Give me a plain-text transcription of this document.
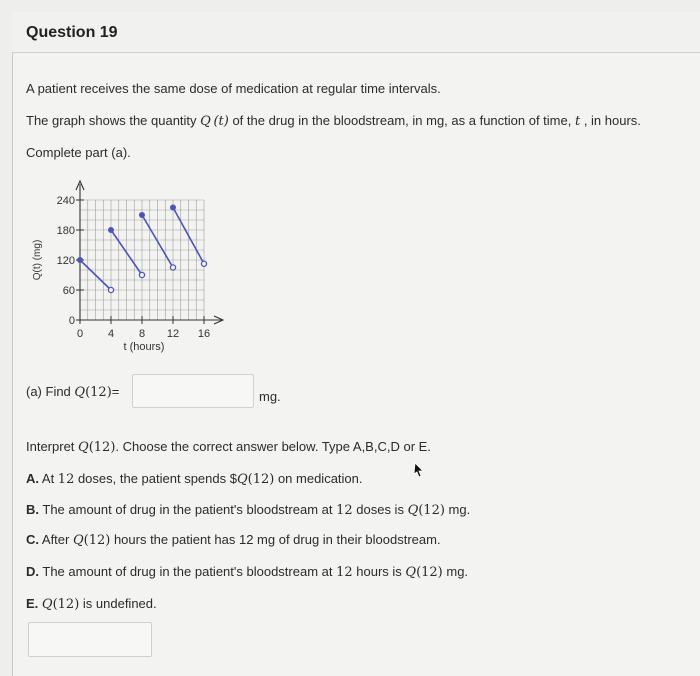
Question 19
A patient receives the same dose of medication at regular time intervals.
The graph shows the quantity Q  (t) of the drug in the bloodstream, in mg, as a function of time, t , in hours.
Complete part (a).
0
60
120
180
240
0 4 8 12 16
t (hours)
Q(t) (mg)
(a) Find Q(12)=	mg.
Interpret Q(12). Choose the correct answer below. Type A,B,C,D or E.
A. At 12 doses, the patient spends $Q(12) on medication.
B. The amount of drug in the patient's bloodstream at 12 doses is Q(12) mg.
C. After Q(12) hours the patient has 12 mg of drug in their bloodstream.
D. The amount of drug in the patient's bloodstream at 12 hours is Q(12) mg.
E. Q(12) is undefined.
